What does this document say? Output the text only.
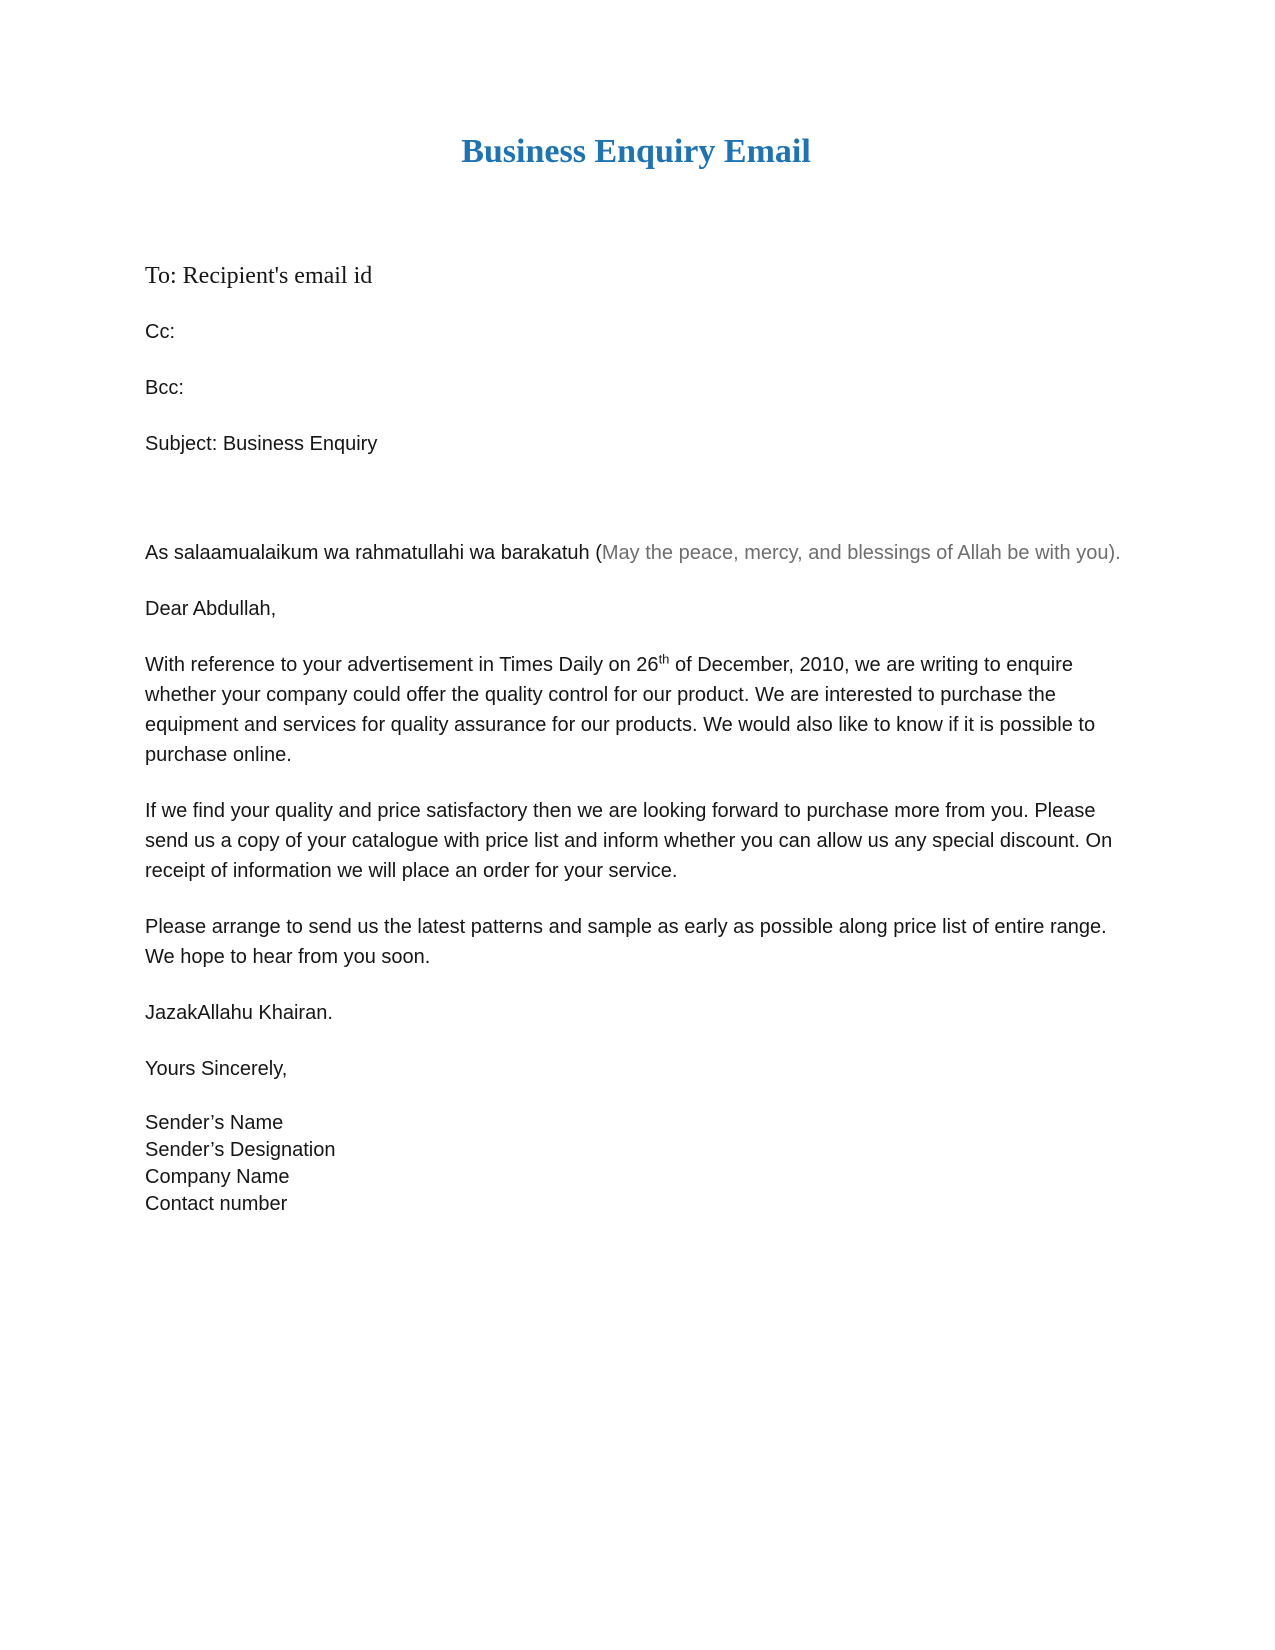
Business Enquiry Email

To: Recipient's email id

Cc:

Bcc:

Subject: Business Enquiry

As salaamualaikum wa rahmatullahi wa barakatuh (May the peace, mercy, and blessings of Allah be with you).

Dear Abdullah,

With reference to your advertisement in Times Daily on 26th of December, 2010, we are writing to enquire whether your company could offer the quality control for our product. We are interested to purchase the equipment and services for quality assurance for our products. We would also like to know if it is possible to purchase online.

If we find your quality and price satisfactory then we are looking forward to purchase more from you. Please send us a copy of your catalogue with price list and inform whether you can allow us any special discount. On receipt of information we will place an order for your service.

Please arrange to send us the latest patterns and sample as early as possible along price list of entire range. We hope to hear from you soon.

JazakAllahu Khairan.

Yours Sincerely,

Sender’s Name
Sender’s Designation
Company Name
Contact number
